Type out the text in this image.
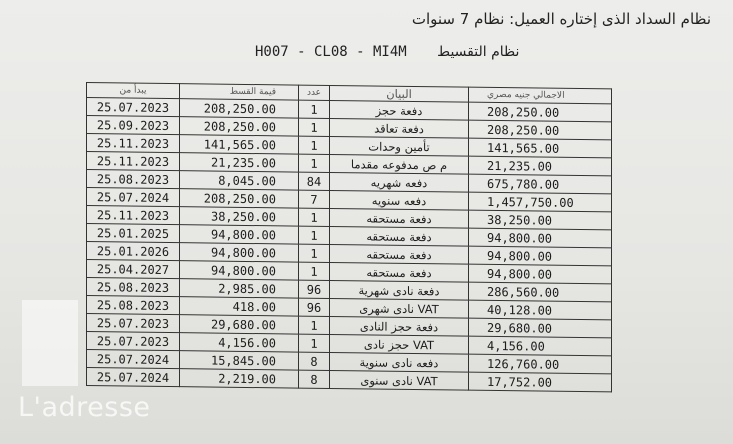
نظام السداد الذى إختاره العميل: نظام 7 سنوات
H007 - CL08 - MI4M نظام التقسيط
يبدأ من	قيمة القسط	عدد	البيان	الاجمالي جنيه مصري
25.07.2023	208,250.00	1	دفعة حجز	208,250.00
25.09.2023	208,250.00	1	دفعة تعاقد	208,250.00
25.11.2023	141,565.00	1	تأمين وحدات	141,565.00
25.11.2023	21,235.00	1	م ص مدفوعه مقدما	21,235.00
25.08.2023	8,045.00	84	دفعه شهريه	675,780.00
25.07.2024	208,250.00	7	دفعه سنويه	1,457,750.00
25.11.2023	38,250.00	1	دفعة مستحقه	38,250.00
25.01.2025	94,800.00	1	دفعة مستحقه	94,800.00
25.01.2026	94,800.00	1	دفعة مستحقه	94,800.00
25.04.2027	94,800.00	1	دفعة مستحقه	94,800.00
25.08.2023	2,985.00	96	دفعة نادى شهرية	286,560.00
25.08.2023	418.00	96	VAT نادى شهرى	40,128.00
25.07.2023	29,680.00	1	دفعة حجز النادى	29,680.00
25.07.2023	4,156.00	1	VAT حجز نادى	4,156.00
25.07.2024	15,845.00	8	دفعه نادى سنوية	126,760.00
25.07.2024	2,219.00	8	VAT نادى سنوى	17,752.00
L'adresse
